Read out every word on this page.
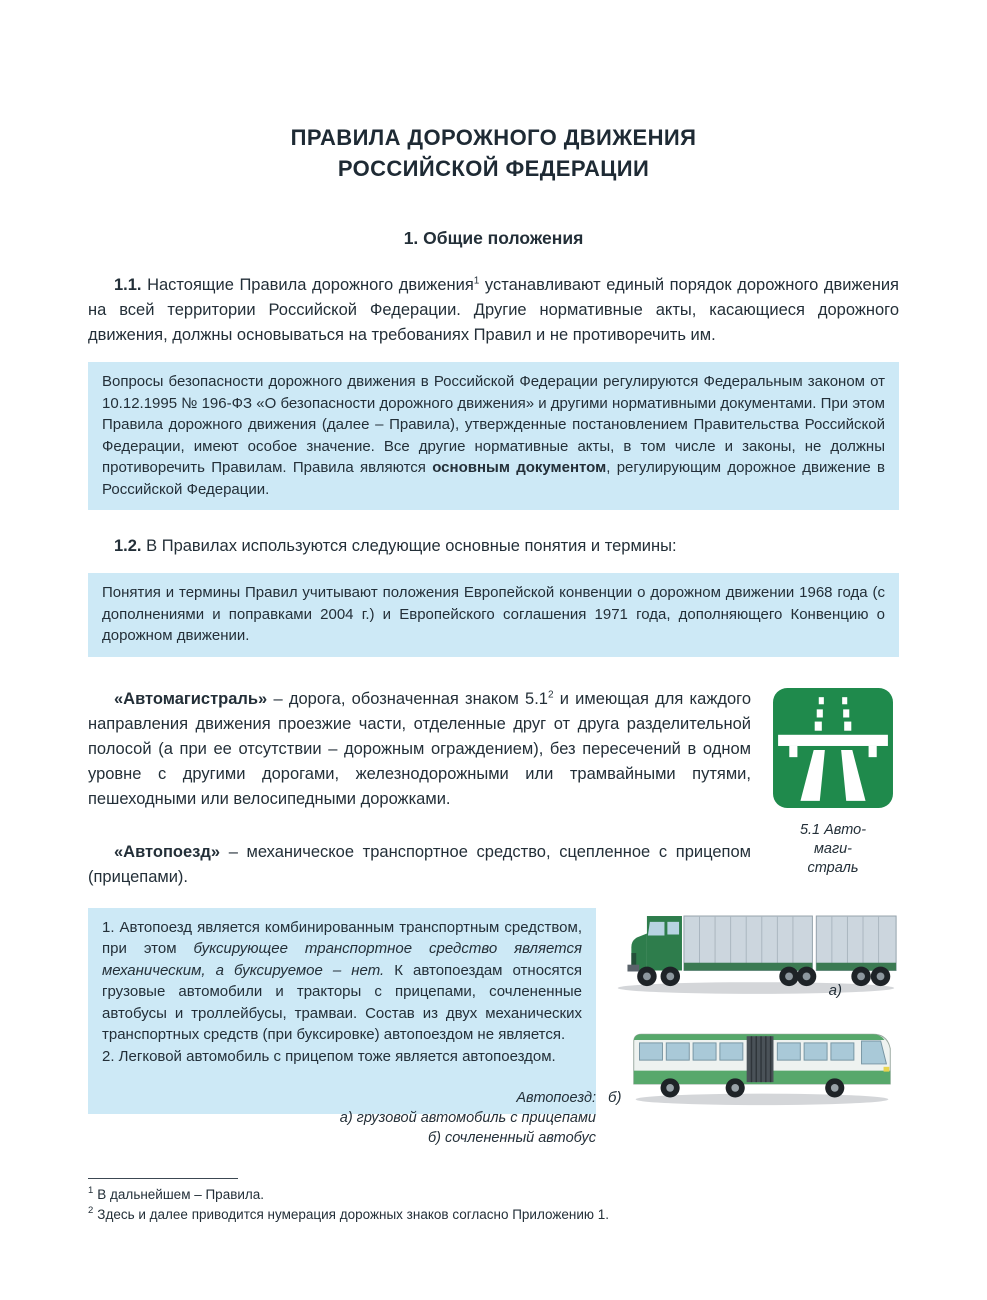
ПРАВИЛА ДОРОЖНОГО ДВИЖЕНИЯ
РОССИЙСКОЙ ФЕДЕРАЦИИ
1. Общие положения

1.1. Настоящие Правила дорожного движения$^1$ устанавливают единый порядок дорожного движения на всей территории Российской Федерации. Другие нормативные акты, касающиеся дорожного движения, должны основываться на требованиях Правил и не противоречить им.

Вопросы безопасности дорожного движения в Российской Федерации регулируются Федеральным законом от 10.12.1995 № 196-ФЗ «О безопасности дорожного движения» и другими нормативными документами. При этом Правила дорожного движения (далее – Правила), утвержденные постановлением Правительства Российской Федерации, имеют особое значение. Все другие нормативные акты, в том числе и законы, не должны противоречить Правилам. Правила являются основным документом, регулирующим дорожное движение в Российской Федерации.

1.2. В Правилах используются следующие основные понятия и термины:

Понятия и термины Правил учитывают положения Европейской конвенции о дорожном движении 1968 года (с дополнениями и поправками 2004 г.) и Европейского соглашения 1971 года, дополняющего Конвенцию о дорожном движении.

«Автомагистраль» – дорога, обозначенная знаком $5.1^2$ и имеющая для каждого направления движения проезжие части, отделенные друг от друга разделительной полосой (а при ее отсутствии – дорожным ограждением), без пересечений в одном уровне с другими дорогами, железнодорожными или трамвайными путями, пешеходными или велосипедными дорожками.

«Автопоезд» – механическое транспортное средство, сцепленное с прицепом (прицепами).

5.1 Авто-
маги-
страль

1. Автопоезд является комбинированным транспортным средством, при этом буксирующее транспортное средство является механическим, а буксируемое – нет. К автопоездам относятся грузовые автомобили и тракторы с прицепами, сочлененные автобусы и троллейбусы, трамваи. Состав из двух механических транспортных средств (при буксировке) автопоездом не является.

2. Легковой автомобиль с прицепом тоже является автопоездом.

а)
б)
Автопоезд:
а) грузовой автомобиль с прицепами
б) сочлененный автобус

$^1$ В дальнейшем – Правила.

$^2$ Здесь и далее приводится нумерация дорожных знаков согласно Приложению 1.
